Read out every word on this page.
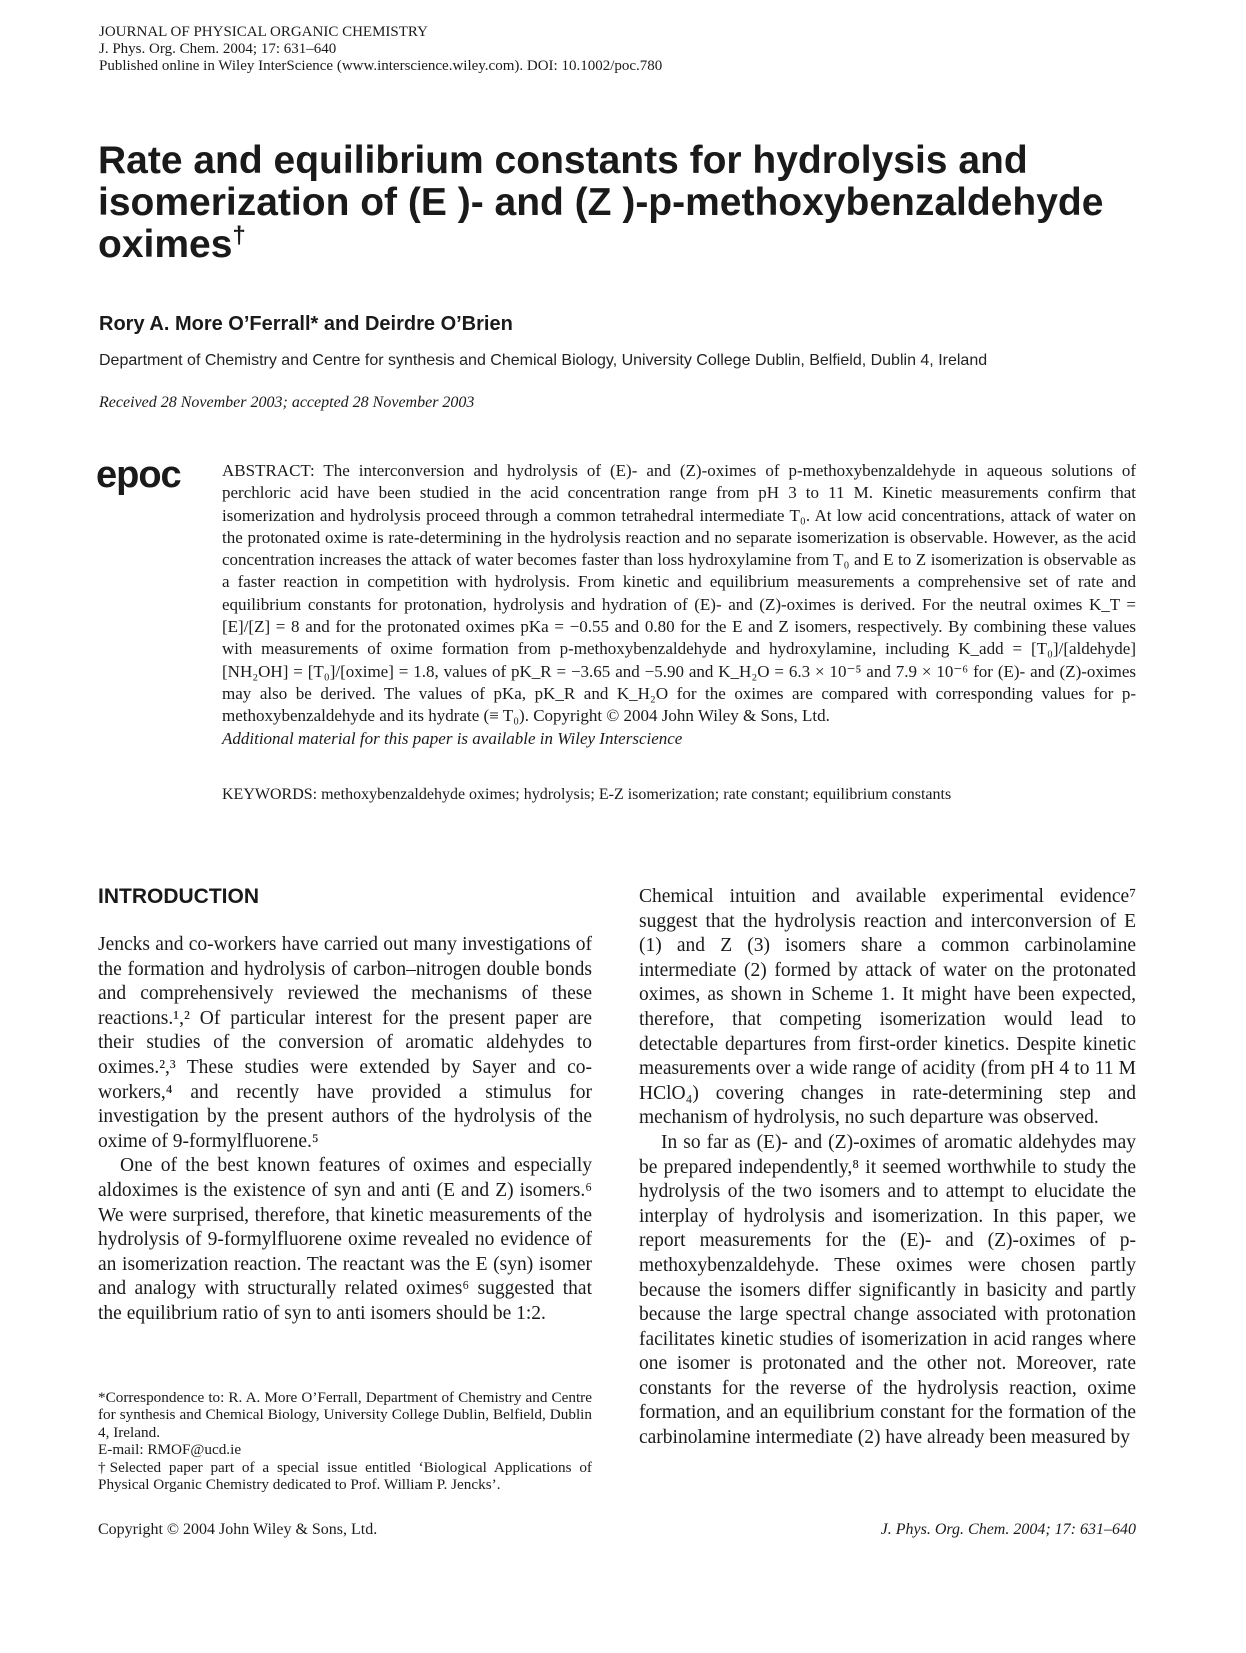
JOURNAL OF PHYSICAL ORGANIC CHEMISTRY
J. Phys. Org. Chem. 2004; 17: 631–640
Published online in Wiley InterScience (www.interscience.wiley.com). DOI: 10.1002/poc.780
Rate and equilibrium constants for hydrolysis and
isomerization of (E )- and (Z )-p-methoxybenzaldehyde
oximes†
Rory A. More O’Ferrall* and Deirdre O’Brien
Department of Chemistry and Centre for synthesis and Chemical Biology, University College Dublin, Belfield, Dublin 4, Ireland
Received 28 November 2003; accepted 28 November 2003
epoc ABSTRACT: The interconversion and hydrolysis of (E)- and (Z)-oximes of p-methoxybenzaldehyde in aqueous solutions of perchloric acid have been studied in the acid concentration range from pH 3 to 11 M. Kinetic measurements confirm that isomerization and hydrolysis proceed through a common tetrahedral intermediate T₀. At low acid concentrations, attack of water on the protonated oxime is rate-determining in the hydrolysis reaction and no separate isomerization is observable. However, as the acid concentration increases the attack of water becomes faster than loss hydroxylamine from T₀ and E to Z isomerization is observable as a faster reaction in competition with hydrolysis. From kinetic and equilibrium measurements a comprehensive set of rate and equilibrium constants for protonation, hydrolysis and hydration of (E)- and (Z)-oximes is derived. For the neutral oximes K_T = [E]/[Z] = 8 and for the protonated oximes pKa = −0.55 and 0.80 for the E and Z isomers, respectively. By combining these values with measurements of oxime formation from p-methoxybenzaldehyde and hydroxylamine, including K_add = [T₀]/[aldehyde][NH₂OH] = [T₀]/[oxime] = 1.8, values of pK_R = −3.65 and −5.90 and K_H₂O = 6.3 × 10⁻⁵ and 7.9 × 10⁻⁶ for (E)- and (Z)-oximes may also be derived. The values of pKa, pK_R and K_H₂O for the oximes are compared with corresponding values for p-methoxybenzaldehyde and its hydrate (≡ T₀). Copyright © 2004 John Wiley & Sons, Ltd.
Additional material for this paper is available in Wiley Interscience
KEYWORDS: methoxybenzaldehyde oximes; hydrolysis; E-Z isomerization; rate constant; equilibrium constants
INTRODUCTION

Jencks and co-workers have carried out many investigations of the formation and hydrolysis of carbon–nitrogen double bonds and comprehensively reviewed the mechanisms of these reactions.¹,² Of particular interest for the present paper are their studies of the conversion of aromatic aldehydes to oximes.²,³ These studies were extended by Sayer and co-workers,⁴ and recently have provided a stimulus for investigation by the present authors of the hydrolysis of the oxime of 9-formylfluorene.⁵

One of the best known features of oximes and especially aldoximes is the existence of syn and anti (E and Z) isomers.⁶ We were surprised, therefore, that kinetic measurements of the hydrolysis of 9-formylfluorene oxime revealed no evidence of an isomerization reaction. The reactant was the E (syn) isomer and analogy with structurally related oximes⁶ suggested that the equilibrium ratio of syn to anti isomers should be 1:2.

*Correspondence to: R. A. More O’Ferrall, Department of Chemistry and Centre for synthesis and Chemical Biology, University College Dublin, Belfield, Dublin 4, Ireland.

E-mail: RMOF@ucd.ie

†Selected paper part of a special issue entitled ‘Biological Applications of Physical Organic Chemistry dedicated to Prof. William P. Jencks’.

Chemical intuition and available experimental evidence⁷ suggest that the hydrolysis reaction and interconversion of E (1) and Z (3) isomers share a common carbinolamine intermediate (2) formed by attack of water on the protonated oximes, as shown in Scheme 1. It might have been expected, therefore, that competing isomerization would lead to detectable departures from first-order kinetics. Despite kinetic measurements over a wide range of acidity (from pH 4 to 11 M HClO₄) covering changes in rate-determining step and mechanism of hydrolysis, no such departure was observed.

In so far as (E)- and (Z)-oximes of aromatic aldehydes may be prepared independently,⁸ it seemed worthwhile to study the hydrolysis of the two isomers and to attempt to elucidate the interplay of hydrolysis and isomerization. In this paper, we report measurements for the (E)- and (Z)-oximes of p-methoxybenzaldehyde. These oximes were chosen partly because the isomers differ significantly in basicity and partly because the large spectral change associated with protonation facilitates kinetic studies of isomerization in acid ranges where one isomer is protonated and the other not. Moreover, rate constants for the reverse of the hydrolysis reaction, oxime formation, and an equilibrium constant for the formation of the carbinolamine intermediate (2) have already been measured by

Copyright © 2004 John Wiley & Sons, Ltd.	J. Phys. Org. Chem. 2004; 17: 631–640
